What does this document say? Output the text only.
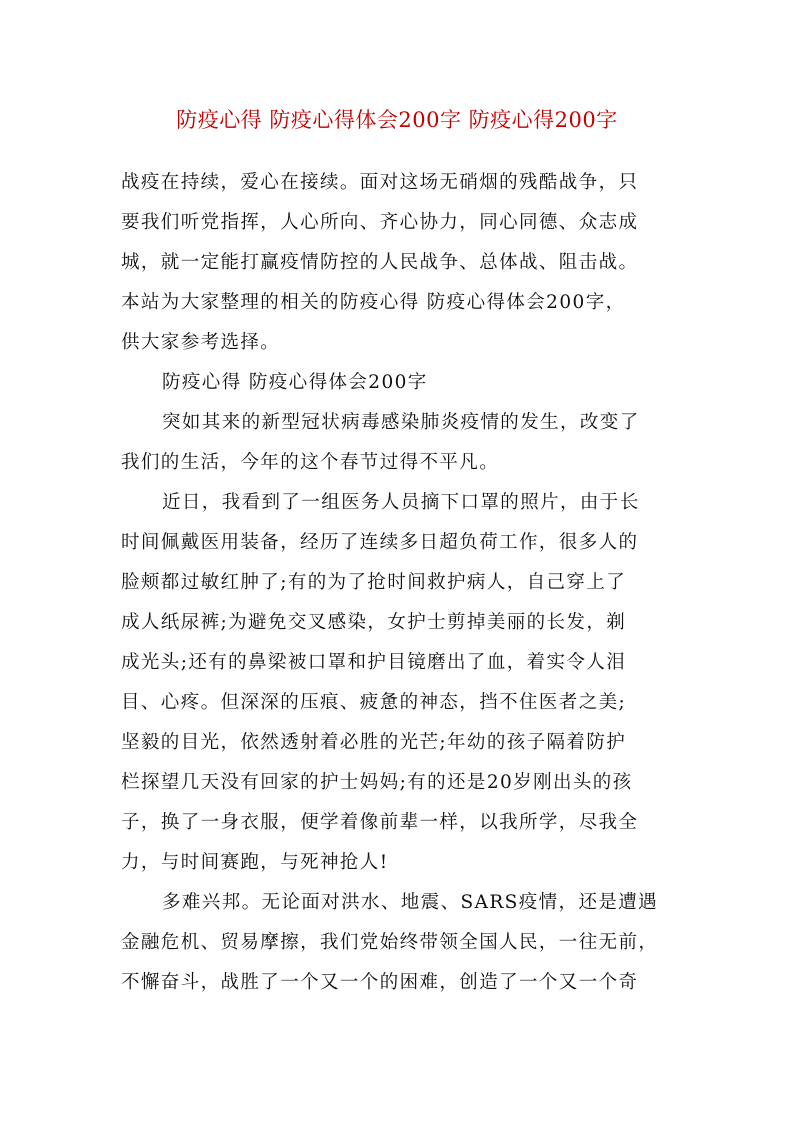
防疫心得 防疫心得体会200字 防疫心得200字
战疫在持续，爱心在接续。面对这场无硝烟的残酷战争，只
要我们听党指挥，人心所向、齐心协力，同心同德、众志成
城，就一定能打赢疫情防控的人民战争、总体战、阻击战。
本站为大家整理的相关的防疫心得 防疫心得体会200字，
供大家参考选择。
防疫心得 防疫心得体会200字
突如其来的新型冠状病毒感染肺炎疫情的发生，改变了
我们的生活，今年的这个春节过得不平凡。
近日，我看到了一组医务人员摘下口罩的照片，由于长
时间佩戴医用装备，经历了连续多日超负荷工作，很多人的
脸颊都过敏红肿了;有的为了抢时间救护病人，自己穿上了
成人纸尿裤;为避免交叉感染，女护士剪掉美丽的长发，剃
成光头;还有的鼻梁被口罩和护目镜磨出了血，着实令人泪
目、心疼。但深深的压痕、疲惫的神态，挡不住医者之美;
坚毅的目光，依然透射着必胜的光芒;年幼的孩子隔着防护
栏探望几天没有回家的护士妈妈;有的还是20岁刚出头的孩
子，换了一身衣服，便学着像前辈一样，以我所学，尽我全
力，与时间赛跑，与死神抢人!
多难兴邦。无论面对洪水、地震、SARS疫情，还是遭遇
金融危机、贸易摩擦，我们党始终带领全国人民，一往无前，
不懈奋斗，战胜了一个又一个的困难，创造了一个又一个奇
